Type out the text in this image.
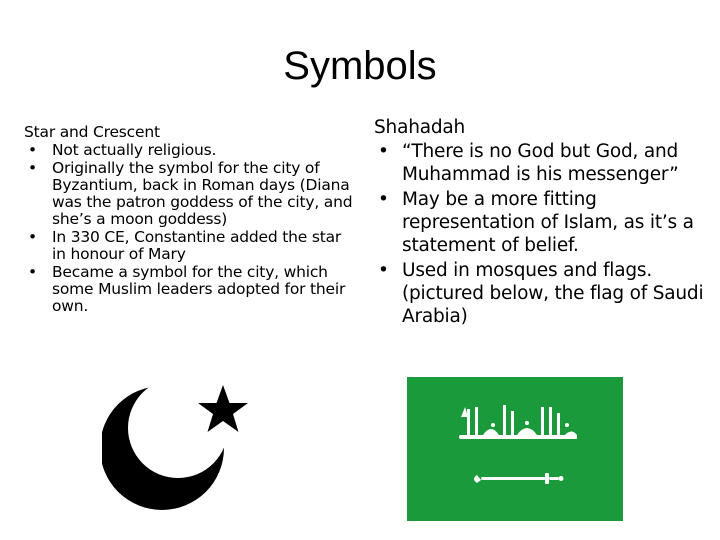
Symbols
Star and Crescent
• Not actually religious.
• Originally the symbol for the city of Byzantium, back in Roman days (Diana was the patron goddess of the city, and she’s a moon goddess)
• In 330 CE, Constantine added the star in honour of Mary
• Became a symbol for the city, which some Muslim leaders adopted for their own.
Shahadah
• “There is no God but God, and Muhammad is his messenger”
• May be a more fitting representation of Islam, as it’s a statement of belief.
• Used in mosques and flags. (pictured below, the flag of Saudi Arabia)
